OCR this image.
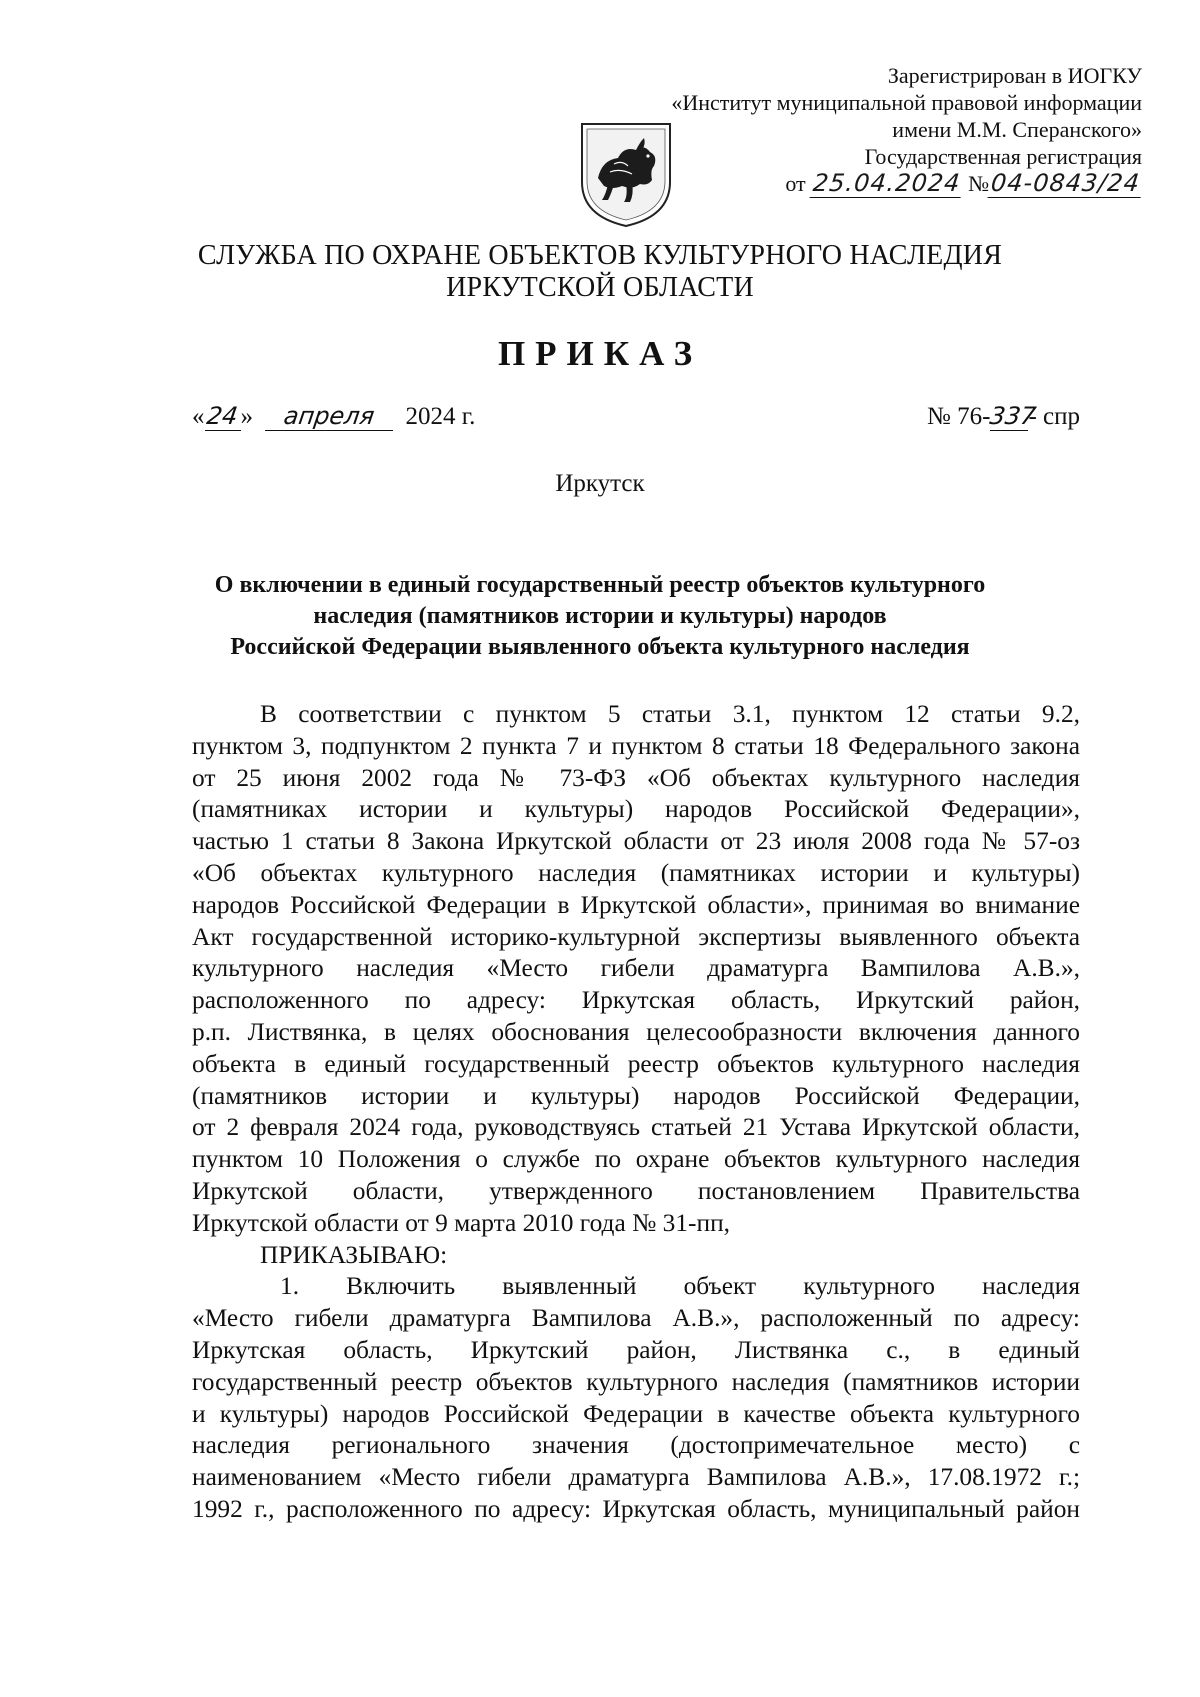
Зарегистрирован в ИОГКУ
«Институт муниципальной правовой информации
имени М.М. Сперанского»
Государственная регистрация
от 25.04.2024 №04-0843/24
СЛУЖБА ПО ОХРАНЕ ОБЪЕКТОВ КУЛЬТУРНОГО НАСЛЕДИЯ
ИРКУТСКОЙ ОБЛАСТИ
ПРИКАЗ
«24» апреля 2024 г.	№ 76-337- спр
Иркутск
О включении в единый государственный реестр объектов культурного
наследия (памятников истории и культуры) народов
Российской Федерации выявленного объекта культурного наследия
В соответствии с пунктом 5 статьи 3.1, пунктом 12 статьи 9.2,
пунктом 3, подпунктом 2 пункта 7 и пунктом 8 статьи 18 Федерального закона
от 25 июня 2002 года № 73-ФЗ «Об объектах культурного наследия
(памятниках истории и культуры) народов Российской Федерации»,
частью 1 статьи 8 Закона Иркутской области от 23 июля 2008 года № 57-оз
«Об объектах культурного наследия (памятниках истории и культуры)
народов Российской Федерации в Иркутской области», принимая во внимание
Акт государственной историко-культурной экспертизы выявленного объекта
культурного наследия «Место гибели драматурга Вампилова А.В.»,
расположенного по адресу: Иркутская область, Иркутский район,
р.п. Листвянка, в целях обоснования целесообразности включения данного
объекта в единый государственный реестр объектов культурного наследия
(памятников истории и культуры) народов Российской Федерации,
от 2 февраля 2024 года, руководствуясь статьей 21 Устава Иркутской области,
пунктом 10 Положения о службе по охране объектов культурного наследия
Иркутской области, утвержденного постановлением Правительства
Иркутской области от 9 марта 2010 года № 31-пп,
ПРИКАЗЫВАЮ:
1. Включить выявленный объект культурного наследия
«Место гибели драматурга Вампилова А.В.», расположенный по адресу:
Иркутская область, Иркутский район, Листвянка с., в единый
государственный реестр объектов культурного наследия (памятников истории
и культуры) народов Российской Федерации в качестве объекта культурного
наследия регионального значения (достопримечательное место) с
наименованием «Место гибели драматурга Вампилова А.В.», 17.08.1972 г.;
1992 г., расположенного по адресу: Иркутская область, муниципальный район
